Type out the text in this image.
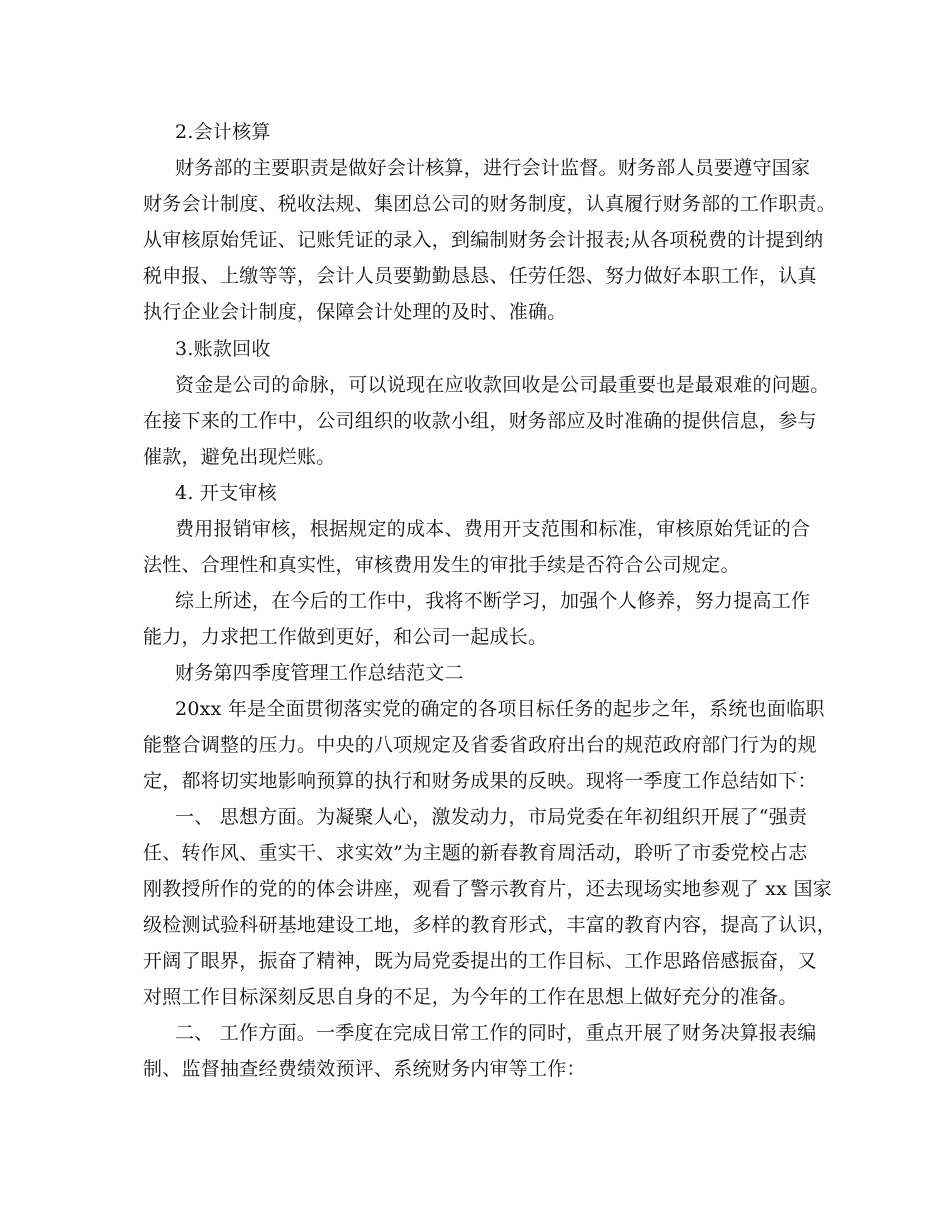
2.会计核算
财务部的主要职责是做好会计核算，进行会计监督。财务部人员要遵守国家
财务会计制度、税收法规、集团总公司的财务制度，认真履行财务部的工作职责。
从审核原始凭证、记账凭证的录入，到编制财务会计报表;从各项税费的计提到纳
税申报、上缴等等，会计人员要勤勤恳恳、任劳任怨、努力做好本职工作，认真
执行企业会计制度，保障会计处理的及时、准确。
3.账款回收
资金是公司的命脉，可以说现在应收款回收是公司最重要也是最艰难的问题。
在接下来的工作中，公司组织的收款小组，财务部应及时准确的提供信息，参与
催款，避免出现烂账。
4. 开支审核
费用报销审核，根据规定的成本、费用开支范围和标准，审核原始凭证的合
法性、合理性和真实性，审核费用发生的审批手续是否符合公司规定。
综上所述，在今后的工作中，我将不断学习，加强个人修养，努力提高工作
能力，力求把工作做到更好，和公司一起成长。
财务第四季度管理工作总结范文二
20xx 年是全面贯彻落实党的确定的各项目标任务的起步之年，系统也面临职
能整合调整的压力。中央的八项规定及省委省政府出台的规范政府部门行为的规
定，都将切实地影响预算的执行和财务成果的反映。现将一季度工作总结如下：
一、 思想方面。为凝聚人心，激发动力，市局党委在年初组织开展了“强责
任、转作风、重实干、求实效”为主题的新春教育周活动，聆听了市委党校占志
刚教授所作的党的的体会讲座，观看了警示教育片，还去现场实地参观了 xx 国家
级检测试验科研基地建设工地，多样的教育形式，丰富的教育内容，提高了认识，
开阔了眼界，振奋了精神，既为局党委提出的工作目标、工作思路倍感振奋，又
对照工作目标深刻反思自身的不足，为今年的工作在思想上做好充分的准备。
二、 工作方面。一季度在完成日常工作的同时，重点开展了财务决算报表编
制、监督抽查经费绩效预评、系统财务内审等工作：
